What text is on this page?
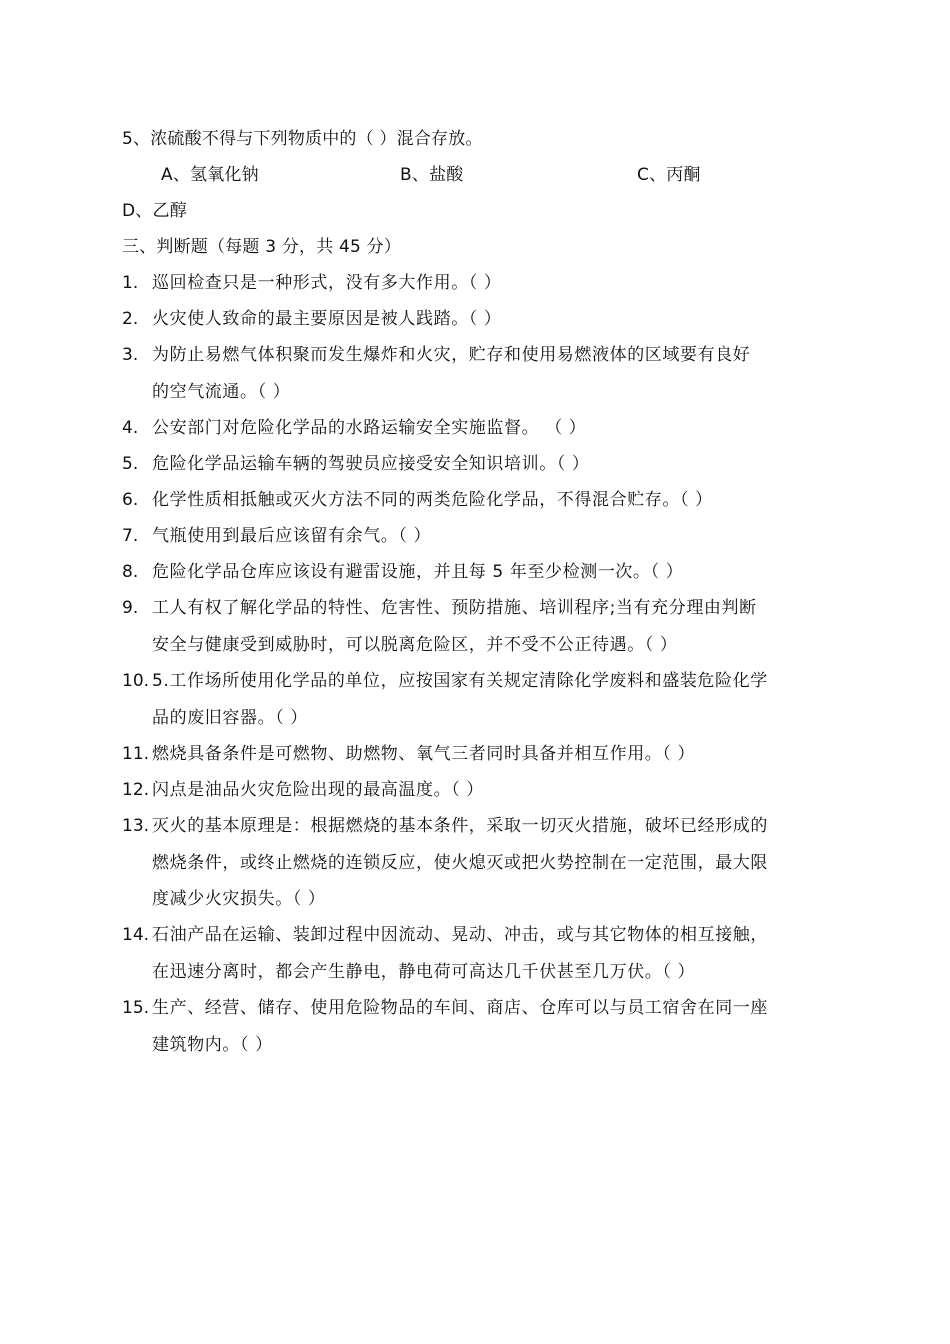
5、浓硫酸不得与下列物质中的（ ）混合存放。
A、氢氧化钠	B、盐酸	C、丙酮
D、乙醇
三、判断题（每题 3 分，共 45 分）
1. 巡回检查只是一种形式，没有多大作用。（ ）
2. 火灾使人致命的最主要原因是被人践踏。（ ）
3. 为防止易燃气体积聚而发生爆炸和火灾，贮存和使用易燃液体的区域要有良好
的空气流通。（ ）
4. 公安部门对危险化学品的水路运输安全实施监督。 （ ）
5. 危险化学品运输车辆的驾驶员应接受安全知识培训。（ ）
6. 化学性质相抵触或灭火方法不同的两类危险化学品，不得混合贮存。（ ）
7. 气瓶使用到最后应该留有余气。（ ）
8. 危险化学品仓库应该设有避雷设施，并且每 5 年至少检测一次。（ ）
9. 工人有权了解化学品的特性、危害性、预防措施、培训程序;当有充分理由判断
安全与健康受到威胁时，可以脱离危险区，并不受不公正待遇。（ ）
10. 5.工作场所使用化学品的单位，应按国家有关规定清除化学废料和盛装危险化学
品的废旧容器。（ ）
11. 燃烧具备条件是可燃物、助燃物、氧气三者同时具备并相互作用。（ ）
12. 闪点是油品火灾危险出现的最高温度。（ ）
13. 灭火的基本原理是：根据燃烧的基本条件，采取一切灭火措施，破坏已经形成的
燃烧条件，或终止燃烧的连锁反应，使火熄灭或把火势控制在一定范围，最大限
度减少火灾损失。（ ）
14. 石油产品在运输、装卸过程中因流动、晃动、冲击，或与其它物体的相互接触，
在迅速分离时，都会产生静电，静电荷可高达几千伏甚至几万伏。（ ）
15. 生产、经营、储存、使用危险物品的车间、商店、仓库可以与员工宿舍在同一座
建筑物内。（ ）
